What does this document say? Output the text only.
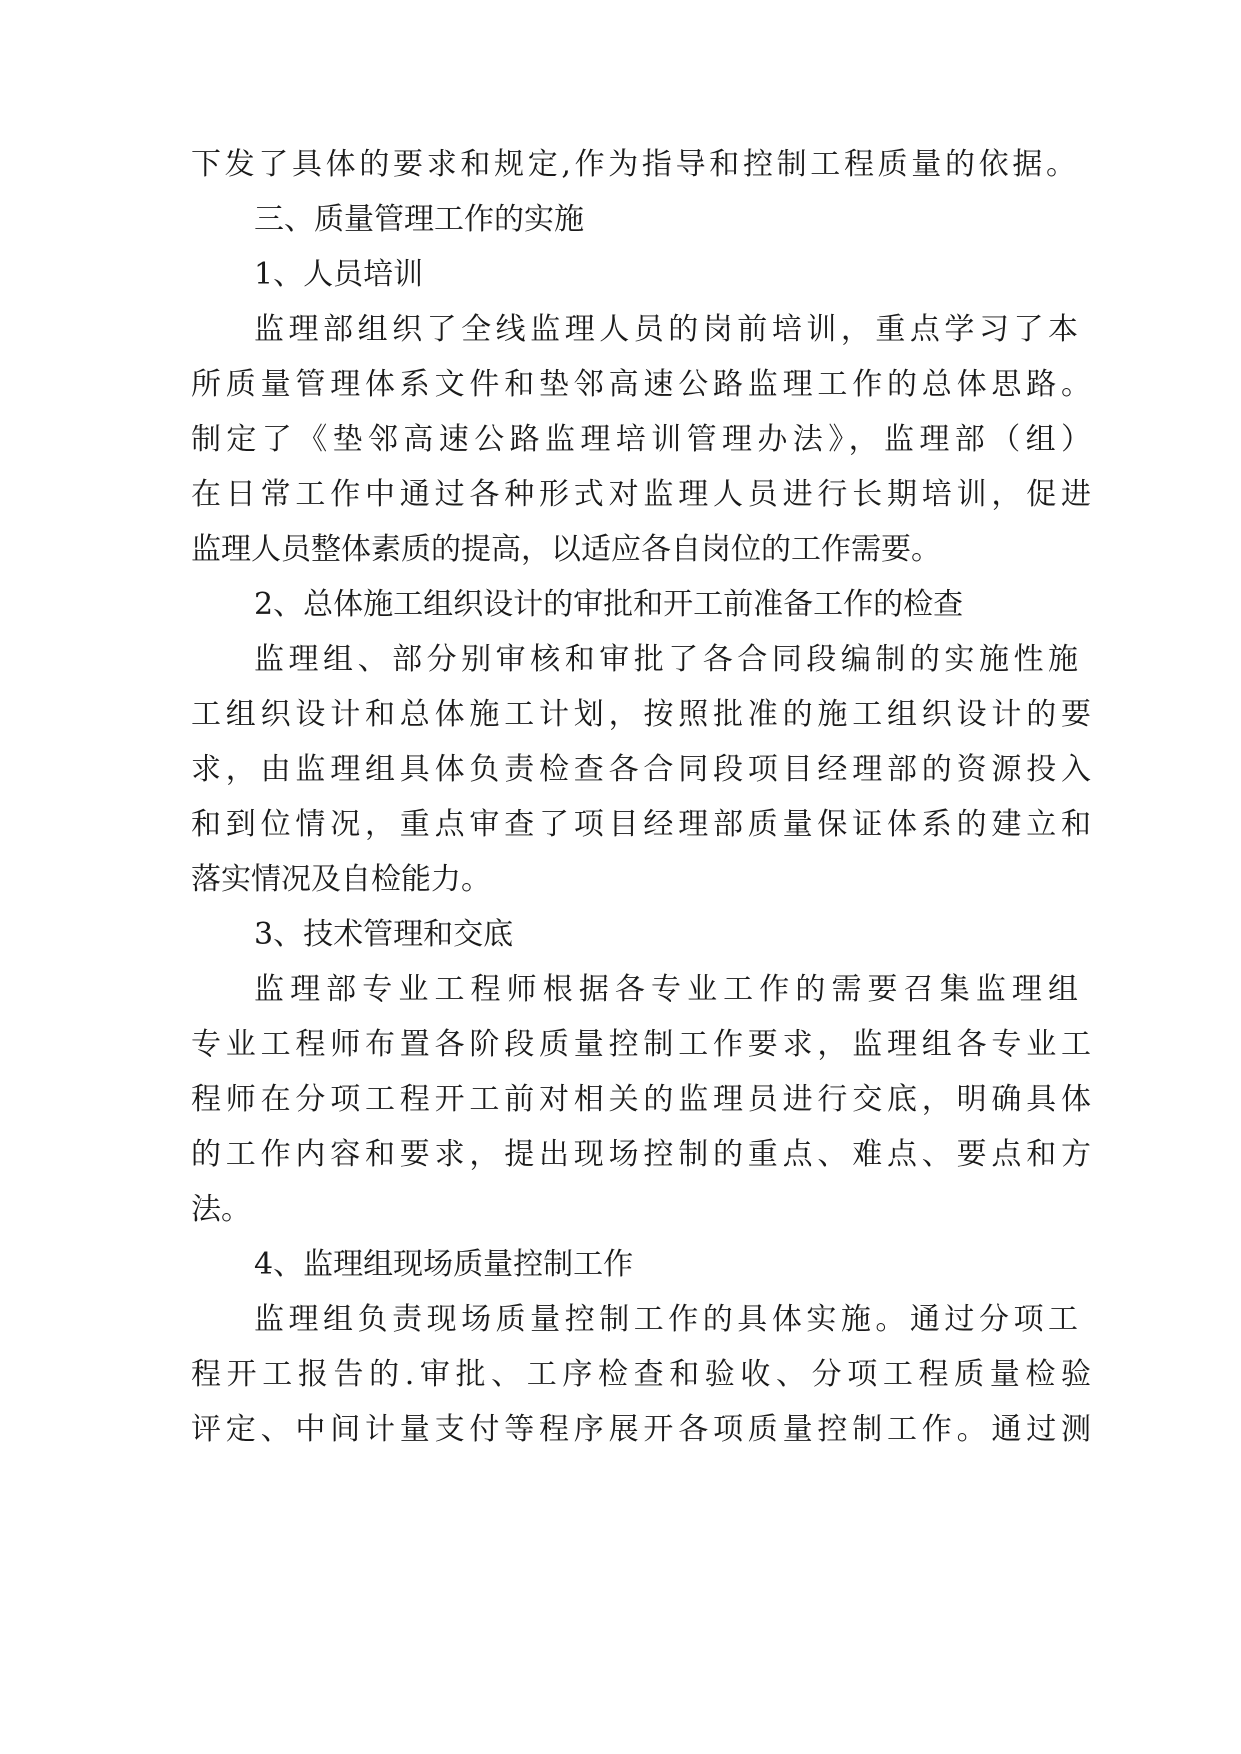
下发了具体的要求和规定,作为指导和控制工程质量的依据。
三、质量管理工作的实施
1、人员培训
监理部组织了全线监理人员的岗前培训，重点学习了本
所质量管理体系文件和垫邻高速公路监理工作的总体思路。
制定了《垫邻高速公路监理培训管理办法》，监理部（组）
在日常工作中通过各种形式对监理人员进行长期培训，促进
监理人员整体素质的提高，以适应各自岗位的工作需要。
2、总体施工组织设计的审批和开工前准备工作的检查
监理组、部分别审核和审批了各合同段编制的实施性施
工组织设计和总体施工计划，按照批准的施工组织设计的要
求，由监理组具体负责检查各合同段项目经理部的资源投入
和到位情况，重点审查了项目经理部质量保证体系的建立和
落实情况及自检能力。
3、技术管理和交底
监理部专业工程师根据各专业工作的需要召集监理组
专业工程师布置各阶段质量控制工作要求，监理组各专业工
程师在分项工程开工前对相关的监理员进行交底，明确具体
的工作内容和要求，提出现场控制的重点、难点、要点和方
法。
4、监理组现场质量控制工作
监理组负责现场质量控制工作的具体实施。通过分项工
程开工报告的.审批、工序检查和验收、分项工程质量检验
评定、中间计量支付等程序展开各项质量控制工作。通过测
